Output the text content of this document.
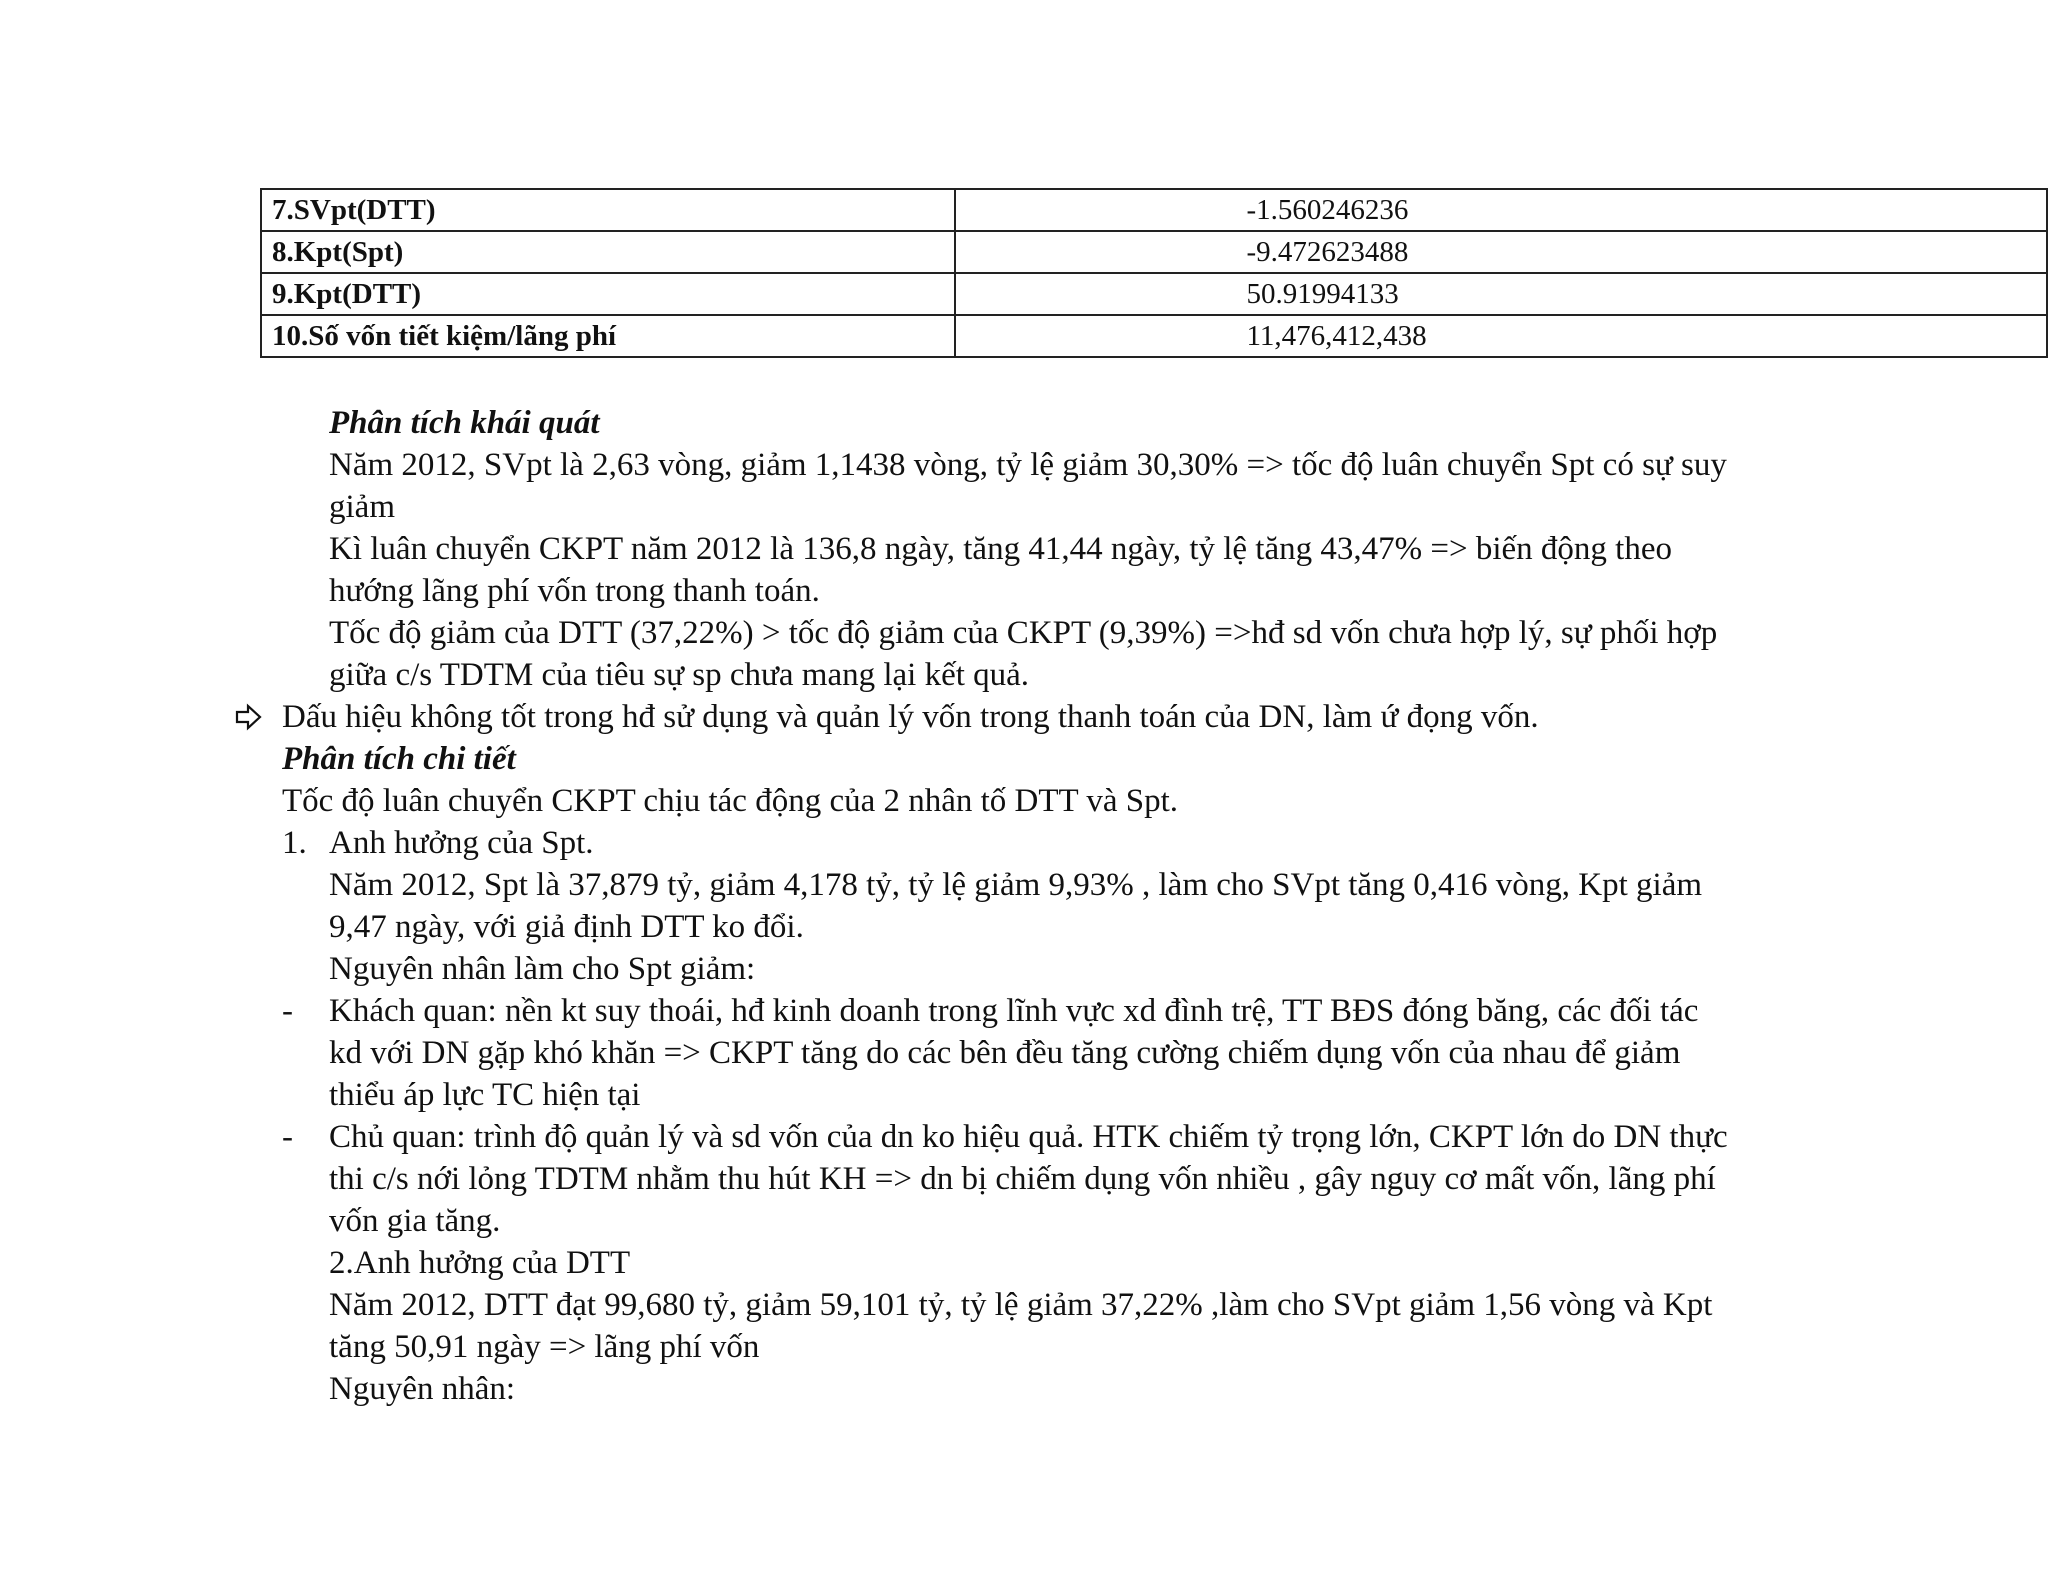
7.SVpt(DTT)	-1.560246236
8.Kpt(Spt)	-9.472623488
9.Kpt(DTT)	50.91994133
10.Số vốn tiết kiệm/lãng phí	11,476,412,438
Phân tích khái quát
Năm 2012, SVpt là 2,63 vòng, giảm 1,1438 vòng, tỷ lệ giảm 30,30% => tốc độ luân chuyển Spt có sự suy
giảm
Kì luân chuyển CKPT năm 2012 là 136,8 ngày, tăng 41,44 ngày, tỷ lệ tăng 43,47% => biến động theo
hướng lãng phí vốn trong thanh toán.
Tốc độ giảm của DTT (37,22%) > tốc độ giảm của CKPT (9,39%) =>hđ sd vốn chưa hợp lý, sự phối hợp
giữa c/s TDTM của tiêu sự sp chưa mang lại kết quả.
Dấu hiệu không tốt trong hđ sử dụng và quản lý vốn trong thanh toán của DN, làm ứ đọng vốn.
Phân tích chi tiết
Tốc độ luân chuyển CKPT chịu tác động của 2 nhân tố DTT và Spt.
1. Anh hưởng của Spt.
Năm 2012, Spt là 37,879 tỷ, giảm 4,178 tỷ, tỷ lệ giảm 9,93% , làm cho SVpt tăng 0,416 vòng, Kpt giảm
9,47 ngày, với giả định DTT ko đổi.
Nguyên nhân làm cho Spt giảm:
- Khách quan: nền kt suy thoái, hđ kinh doanh trong lĩnh vực xd đình trệ, TT BĐS đóng băng, các đối tác
kd với DN gặp khó khăn => CKPT tăng do các bên đều tăng cường chiếm dụng vốn của nhau để giảm
thiểu áp lực TC hiện tại
- Chủ quan: trình độ quản lý và sd vốn của dn ko hiệu quả. HTK chiếm tỷ trọng lớn, CKPT lớn do DN thực
thi c/s nới lỏng TDTM nhằm thu hút KH => dn bị chiếm dụng vốn nhiều , gây nguy cơ mất vốn, lãng phí
vốn gia tăng.
2.Anh hưởng của DTT
Năm 2012, DTT đạt 99,680 tỷ, giảm 59,101 tỷ, tỷ lệ giảm 37,22% ,làm cho SVpt giảm 1,56 vòng và Kpt
tăng 50,91 ngày => lãng phí vốn
Nguyên nhân:
